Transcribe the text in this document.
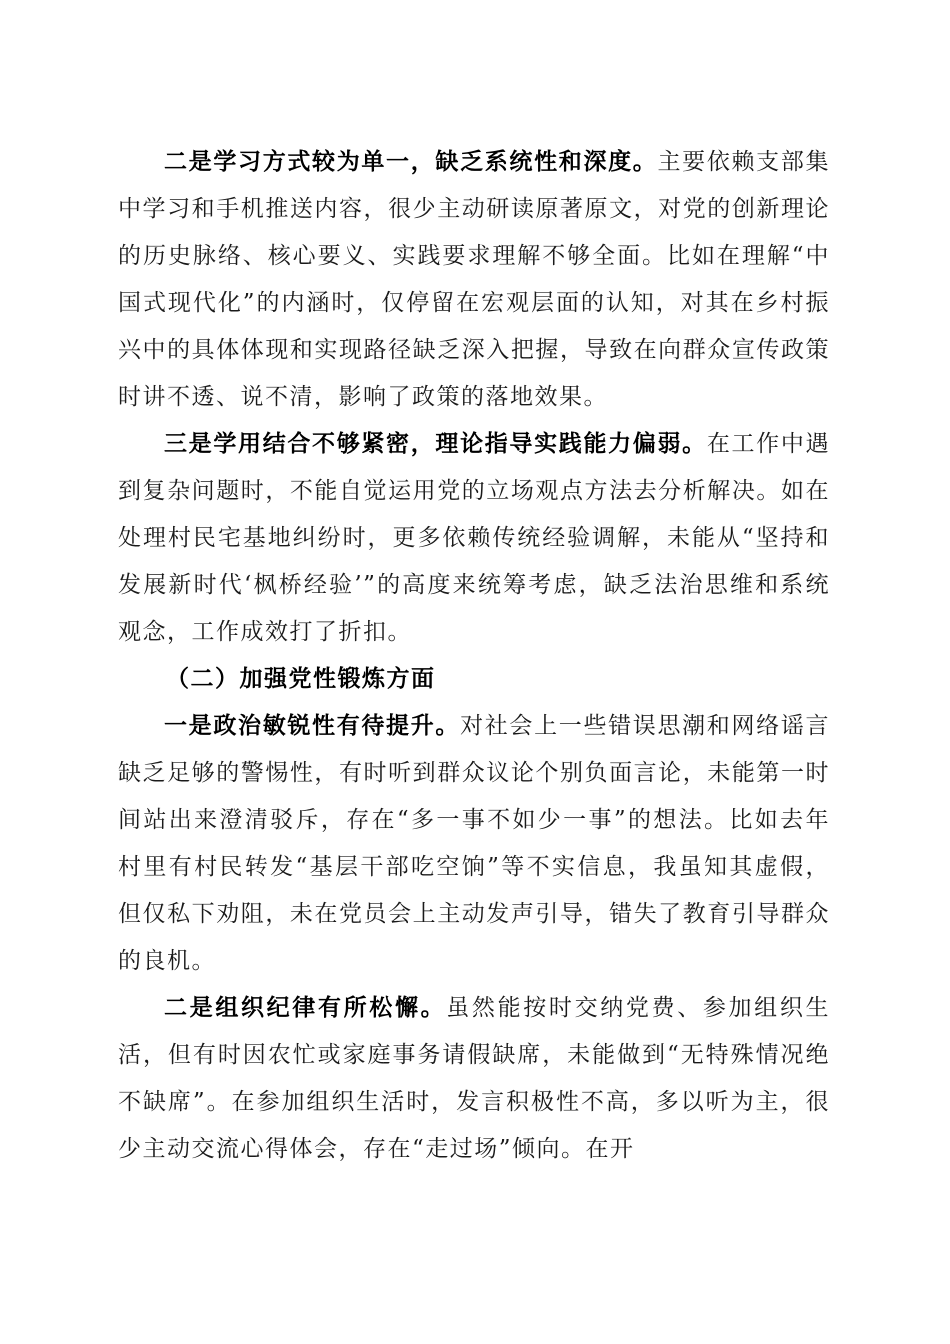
二是学习方式较为单一，缺乏系统性和深度。主要依赖支部集中学习和手机推送内容，很少主动研读原著原文，对党的创新理论的历史脉络、核心要义、实践要求理解不够全面。比如在理解“中国式现代化”的内涵时，仅停留在宏观层面的认知，对其在乡村振兴中的具体体现和实现路径缺乏深入把握，导致在向群众宣传政策时讲不透、说不清，影响了政策的落地效果。

三是学用结合不够紧密，理论指导实践能力偏弱。在工作中遇到复杂问题时，不能自觉运用党的立场观点方法去分析解决。如在处理村民宅基地纠纷时，更多依赖传统经验调解，未能从“坚持和发展新时代‘枫桥经验’”的高度来统筹考虑，缺乏法治思维和系统观念，工作成效打了折扣。

（二）加强党性锻炼方面

一是政治敏锐性有待提升。对社会上一些错误思潮和网络谣言缺乏足够的警惕性，有时听到群众议论个别负面言论，未能第一时间站出来澄清驳斥，存在“多一事不如少一事”的想法。比如去年村里有村民转发“基层干部吃空饷”等不实信息，我虽知其虚假，但仅私下劝阻，未在党员会上主动发声引导，错失了教育引导群众的良机。

二是组织纪律有所松懈。虽然能按时交纳党费、参加组织生活，但有时因农忙或家庭事务请假缺席，未能做到“无特殊情况绝不缺席”。在参加组织生活时，发言积极性不高，多以听为主，很少主动交流心得体会，存在“走过场”倾向。在开
